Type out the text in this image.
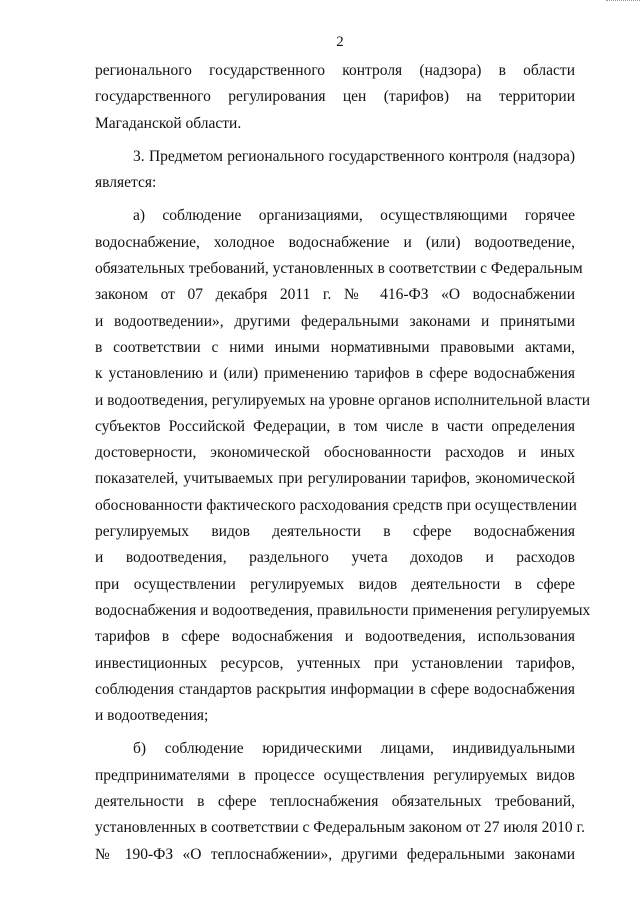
2
регионального государственного контроля (надзора) в области
государственного регулирования цен (тарифов) на территории
Магаданской области.
3. Предметом регионального государственного контроля (надзора)
является:
а) соблюдение организациями, осуществляющими горячее
водоснабжение, холодное водоснабжение и (или) водоотведение,
обязательных требований, установленных в соответствии с Федеральным
законом от 07 декабря 2011 г. № 416-ФЗ «О водоснабжении
и водоотведении», другими федеральными законами и принятыми
в соответствии с ними иными нормативными правовыми актами,
к установлению и (или) применению тарифов в сфере водоснабжения
и водоотведения, регулируемых на уровне органов исполнительной власти
субъектов Российской Федерации, в том числе в части определения
достоверности, экономической обоснованности расходов и иных
показателей, учитываемых при регулировании тарифов, экономической
обоснованности фактического расходования средств при осуществлении
регулируемых видов деятельности в сфере водоснабжения
и водоотведения, раздельного учета доходов и расходов
при осуществлении регулируемых видов деятельности в сфере
водоснабжения и водоотведения, правильности применения регулируемых
тарифов в сфере водоснабжения и водоотведения, использования
инвестиционных ресурсов, учтенных при установлении тарифов,
соблюдения стандартов раскрытия информации в сфере водоснабжения
и водоотведения;
б) соблюдение юридическими лицами, индивидуальными
предпринимателями в процессе осуществления регулируемых видов
деятельности в сфере теплоснабжения обязательных требований,
установленных в соответствии с Федеральным законом от 27 июля 2010 г.
№ 190-ФЗ «О теплоснабжении», другими федеральными законами
